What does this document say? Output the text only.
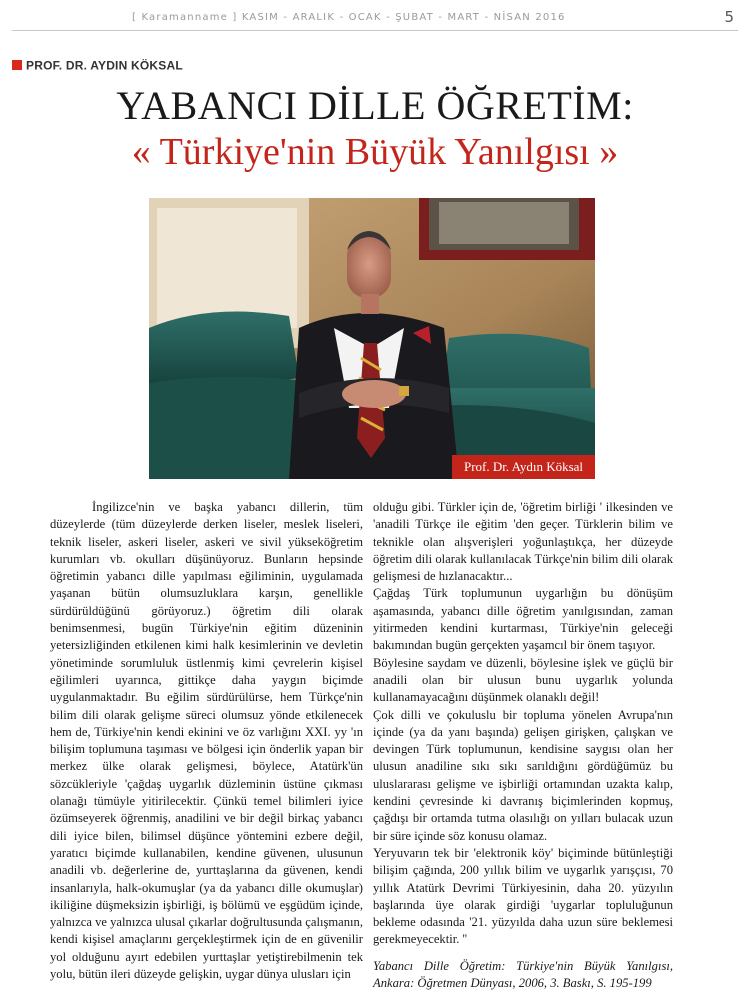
[ Karamanname ] KASIM - ARALIK - OCAK - ŞUBAT - MART - NİSAN 2016	5
PROF. DR. AYDIN KÖKSAL
YABANCI DİLLE ÖĞRETİM:
« Türkiye'nin Büyük Yanılgısı »
Prof. Dr. Aydın Köksal

İngilizce'nin ve başka yabancı dillerin, tüm düzeylerde (tüm düzeylerde derken liseler, meslek liseleri, teknik liseler, askeri liseler, askeri ve sivil yükseköğretim kurumları vb. okulları düşünüyoruz. Bunların hepsinde öğretimin yabancı dille yapılması eğiliminin, uygulamada yaşanan bütün olumsuzluklara karşın, genellikle sürdürüldüğünü görüyoruz.) öğretim dili olarak benimsenmesi, bugün Türkiye'nin eğitim düzeninin yetersizliğinden etkilenen kimi halk kesimlerinin ve devletin yönetiminde sorumluluk üstlenmiş kimi çevrelerin kişisel eğilimleri uyarınca, gittikçe daha yaygın biçimde uygulanmaktadır. Bu eğilim sürdürülürse, hem Türkçe'nin bilim dili olarak gelişme süreci olumsuz yönde etkilenecek hem de, Türkiye'nin kendi ekinini ve öz varlığını XXI. yy 'ın bilişim toplumuna taşıması ve bölgesi için önderlik yapan bir merkez ülke olarak gelişmesi, böylece, Atatürk'ün sözcükleriyle 'çağdaş uygarlık düzleminin üstüne çıkması olanağı tümüyle yitirilecektir. Çünkü temel bilimleri iyice özümseyerek öğrenmiş, anadilini ve bir değil birkaç yabancı dili iyice bilen, bilimsel düşünce yöntemini ezbere değil, yaratıcı biçimde kullanabilen, kendine güvenen, ulusunun anadili vb. değerlerine de, yurttaşlarına da güvenen, kendi insanlarıyla, halk-okumuşlar (ya da yabancı dille okumuşlar) ikiliğine düşmeksizin işbirliği, iş bölümü ve eşgüdüm içinde, yalnızca ve yalnızca ulusal çıkarlar doğrultusunda çalışmanın, kendi kişisel amaçlarını gerçekleştirmek için de en güvenilir yol olduğunu ayırt edebilen yurttaşlar yetiştirebilmenin tek yolu, bütün ileri düzeyde gelişkin, uygar dünya ulusları için

olduğu gibi. Türkler için de, 'öğretim birliği ' ilkesinden ve 'anadili Türkçe ile eğitim 'den geçer. Türklerin bilim ve teknikle olan alışverişleri yoğunlaştıkça, her düzeyde öğretim dili olarak kullanılacak Türkçe'nin bilim dili olarak gelişmesi de hızlanacaktır...

Çağdaş Türk toplumunun uygarlığın bu dönüşüm aşamasında, yabancı dille öğretim yanılgısından, zaman yitirmeden kendini kurtarması, Türkiye'nin geleceği bakımından bugün gerçekten yaşamcıl bir önem taşıyor.

Böylesine saydam ve düzenli, böylesine işlek ve güçlü bir anadili olan bir ulusun bunu uygarlık yolunda kullanamayacağını düşünmek olanaklı değil!

Çok dilli ve çokuluslu bir topluma yönelen Avrupa'nın içinde (ya da yanı başında) gelişen girişken, çalışkan ve devingen Türk toplumunun, kendisine saygısı olan her ulusun anadiline sıkı sıkı sarıldığını gördüğümüz bu uluslararası gelişme ve işbirliği ortamından uzakta kalıp, kendini çevresinde ki davranış biçimlerinden kopmuş, çağdışı bir ortamda tutma olasılığı on yılları bulacak uzun bir süre içinde söz konusu olamaz.

Yeryuvarın tek bir 'elektronik köy' biçiminde bütünleştiği bilişim çağında, 200 yıllık bilim ve uygarlık yarışçısı, 70 yıllık Atatürk Devrimi Türkiyesinin, daha 20. yüzyılın başlarında üye olarak girdiği 'uygarlar topluluğunun bekleme odasında '21. yüzyılda daha uzun süre beklemesi gerekmeyecektir. ''

Yabancı Dille Öğretim: Türkiye'nin Büyük Yanılgısı, Ankara: Öğretmen Dünyası, 2006, 3. Baskı, S. 195-199
